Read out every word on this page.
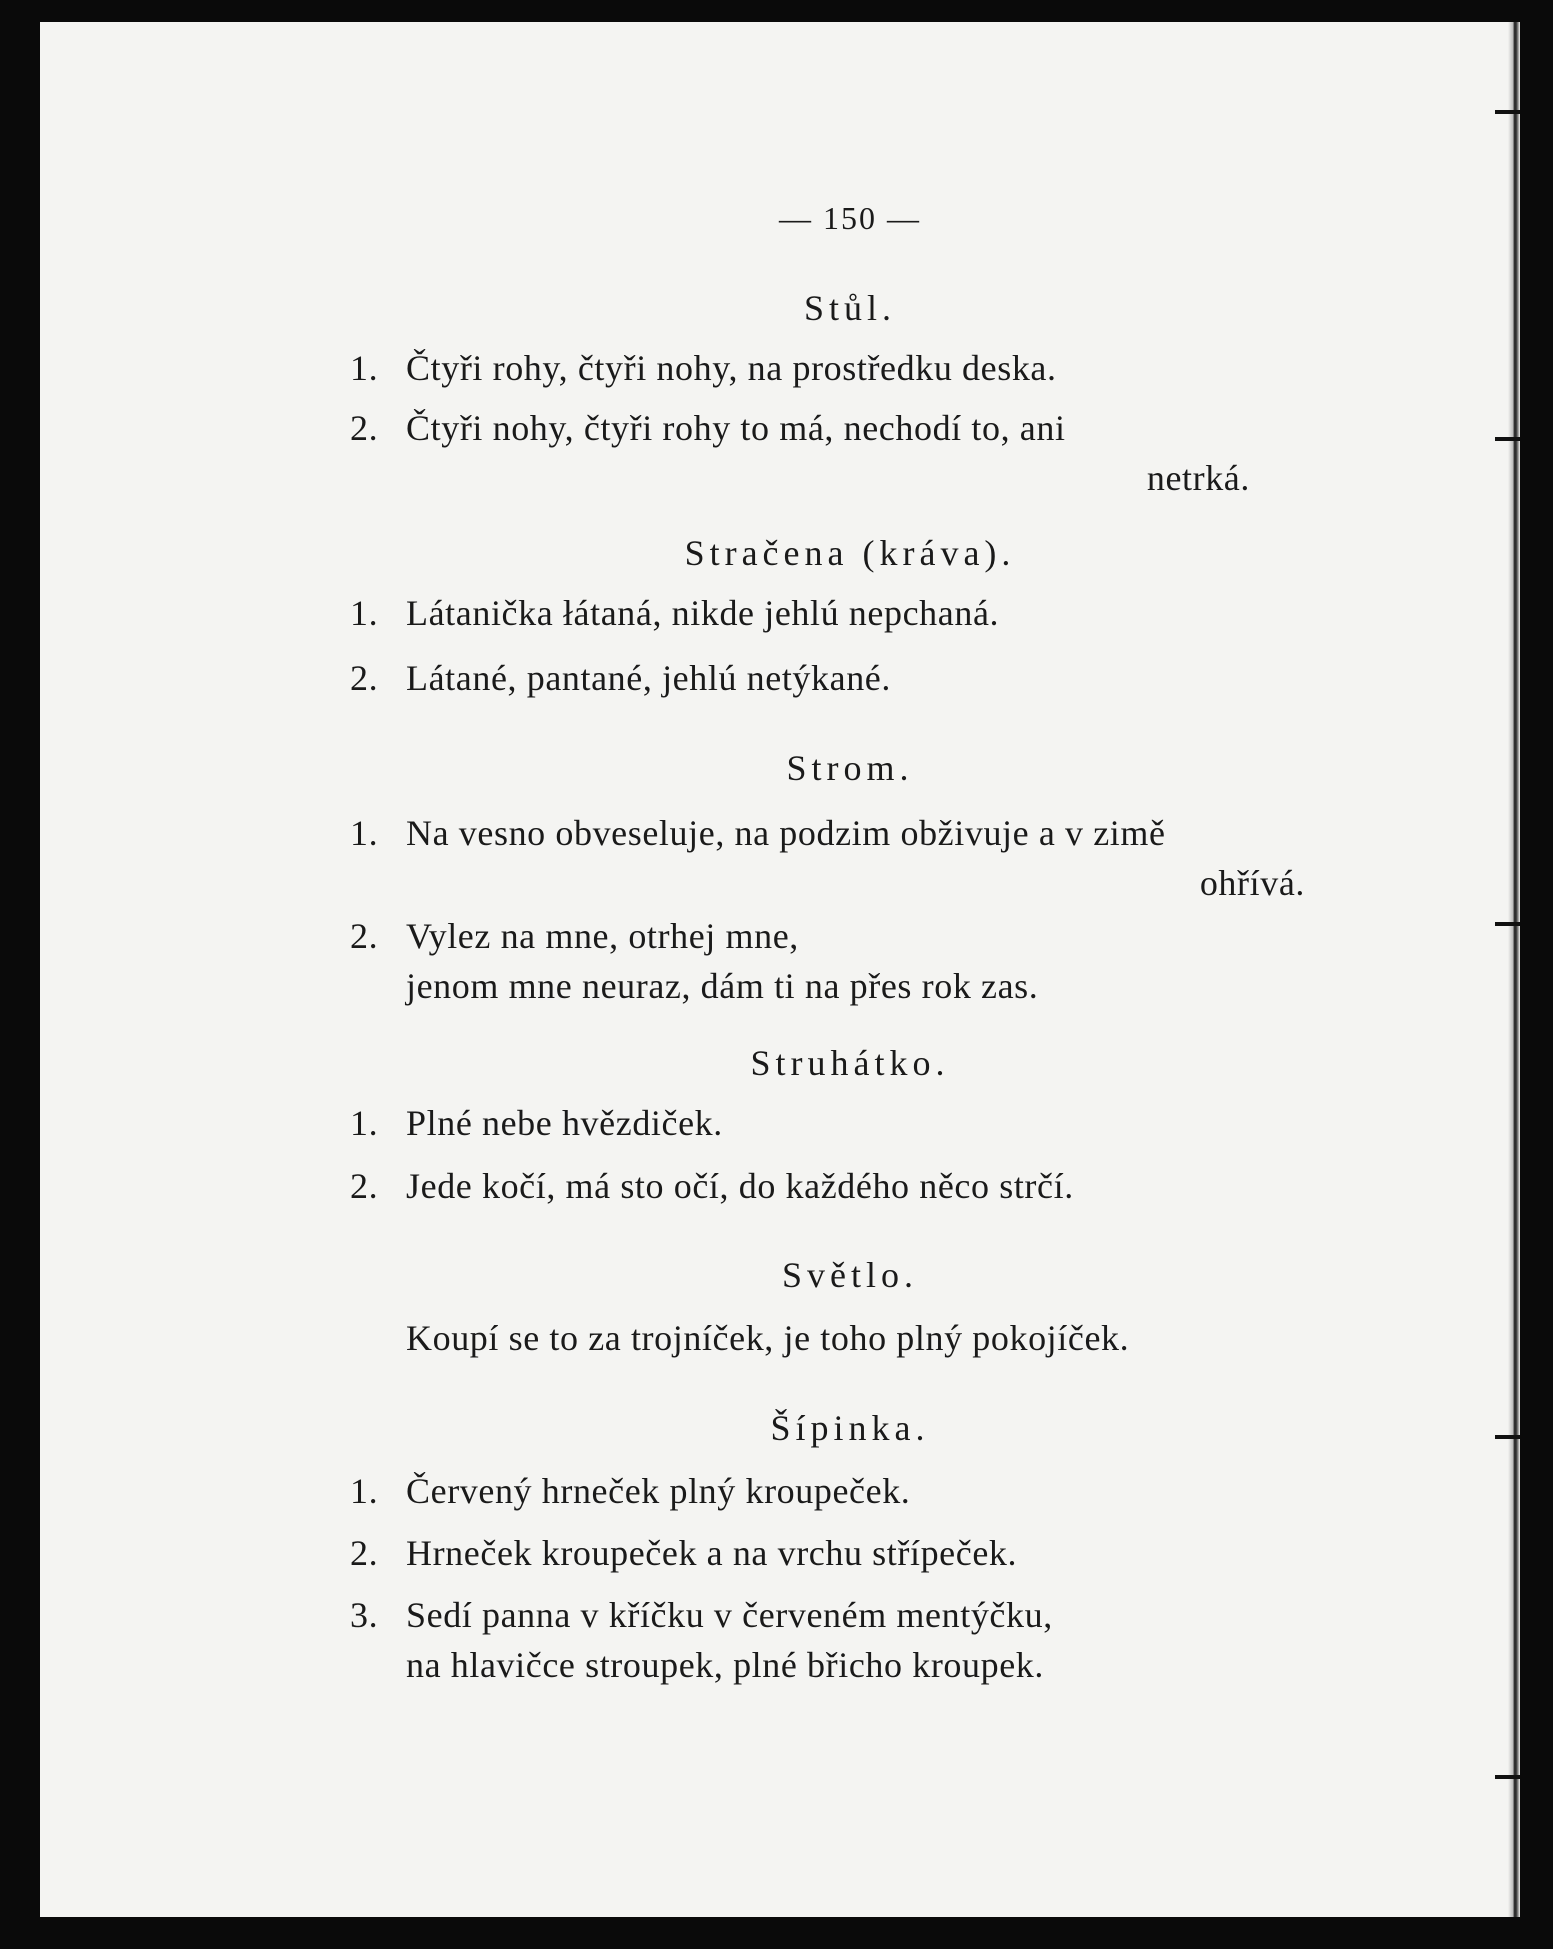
— 150 —
Stůl.
1. Čtyři rohy, čtyři nohy, na prostředku deska.
2. Čtyři nohy, čtyři rohy to má, nechodí to, ani
netrká.
Stračena (kráva).
1. Látanička łátaná, nikde jehlú nepchaná.
2. Látané, pantané, jehlú netýkané.
Strom.
1. Na vesno obveseluje, na podzim obživuje a v zimě
ohřívá.
2. Vylez na mne, otrhej mne,
jenom mne neuraz, dám ti na přes rok zas.
Struhátko.
1. Plné nebe hvězdiček.
2. Jede kočí, má sto očí, do každého něco strčí.
Světlo.
Koupí se to za trojníček, je toho plný pokojíček.
Šípinka.
1. Červený hrneček plný kroupeček.
2. Hrneček kroupeček a na vrchu střípeček.
3. Sedí panna v kříčku v červeném mentýčku,
na hlavičce stroupek, plné břicho kroupek.
